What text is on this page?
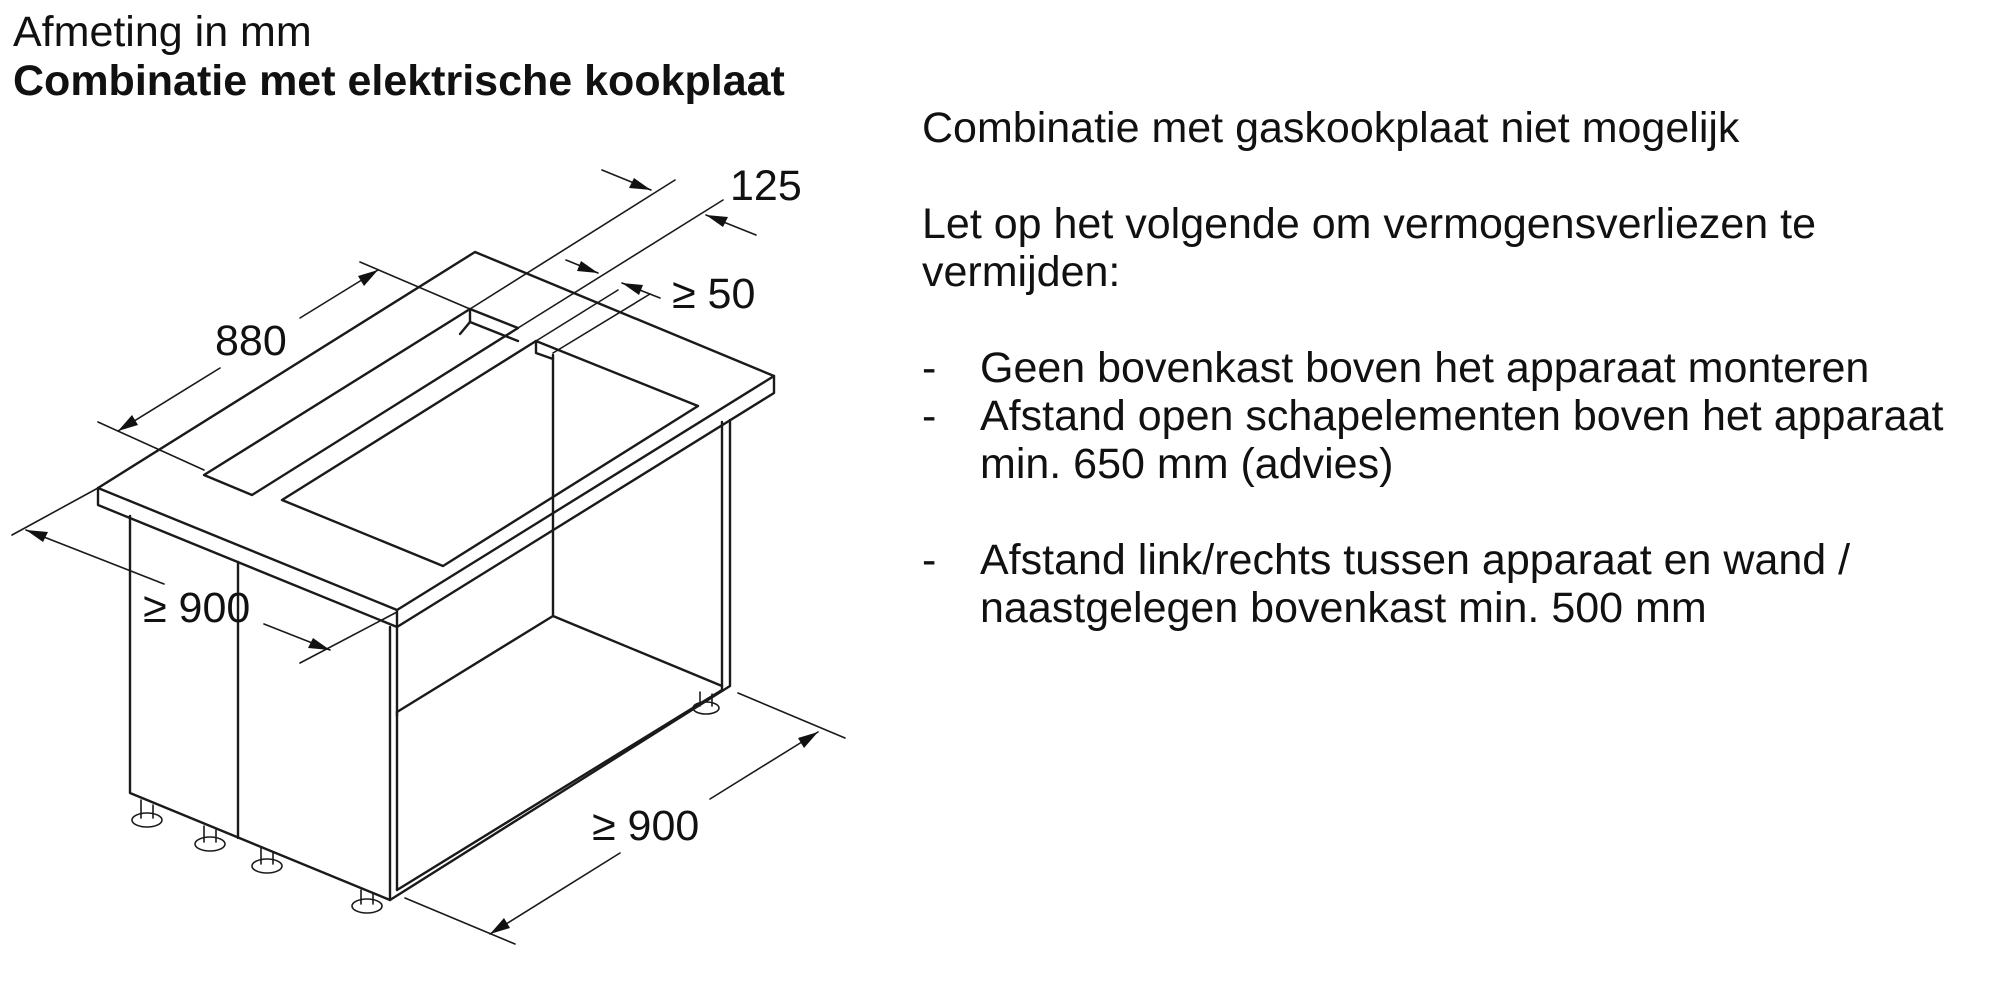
Afmeting in mm
Combinatie met elektrische kookplaat
125
≥ 50
880
≥ 900
≥ 900

Combinatie met gaskookplaat niet mogelijk

Let op het volgende om vermogensverliezen te vermijden:

-	Geen bovenkast boven het apparaat monteren
-	Afstand open schapelementen boven het apparaat min. 650 mm (advies)
-	Afstand link/rechts tussen apparaat en wand / naastgelegen bovenkast min. 500 mm
